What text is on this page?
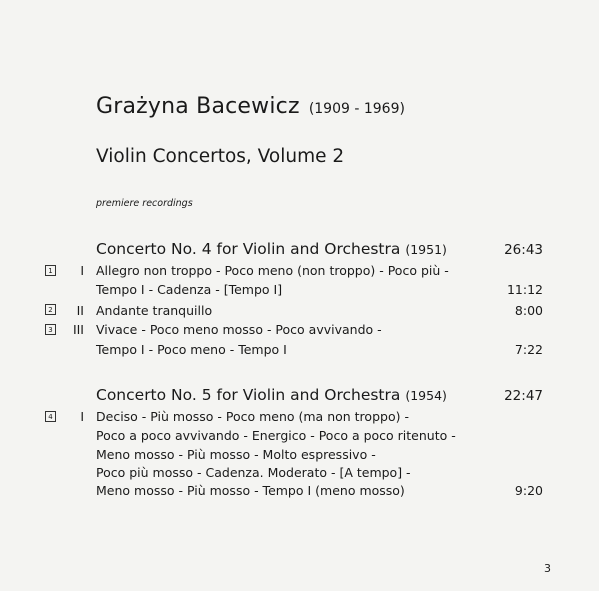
Grażyna Bacewicz (1909 - 1969)
Violin Concertos, Volume 2
premiere recordings
Concerto No. 4 for Violin and Orchestra (1951)	26:43
1	I Allegro non troppo - Poco meno (non troppo) - Poco più -
Tempo I - Cadenza - [Tempo I]	11:12
2	II Andante tranquillo	8:00
3	III Vivace - Poco meno mosso - Poco avvivando -
Tempo I - Poco meno - Tempo I	7:22
Concerto No. 5 for Violin and Orchestra (1954)	22:47
4	I Deciso - Più mosso - Poco meno (ma non troppo) -
Poco a poco avvivando - Energico - Poco a poco ritenuto -
Meno mosso - Più mosso - Molto espressivo -
Poco più mosso - Cadenza. Moderato - [A tempo] -
Meno mosso - Più mosso - Tempo I (meno mosso)	9:20
3
